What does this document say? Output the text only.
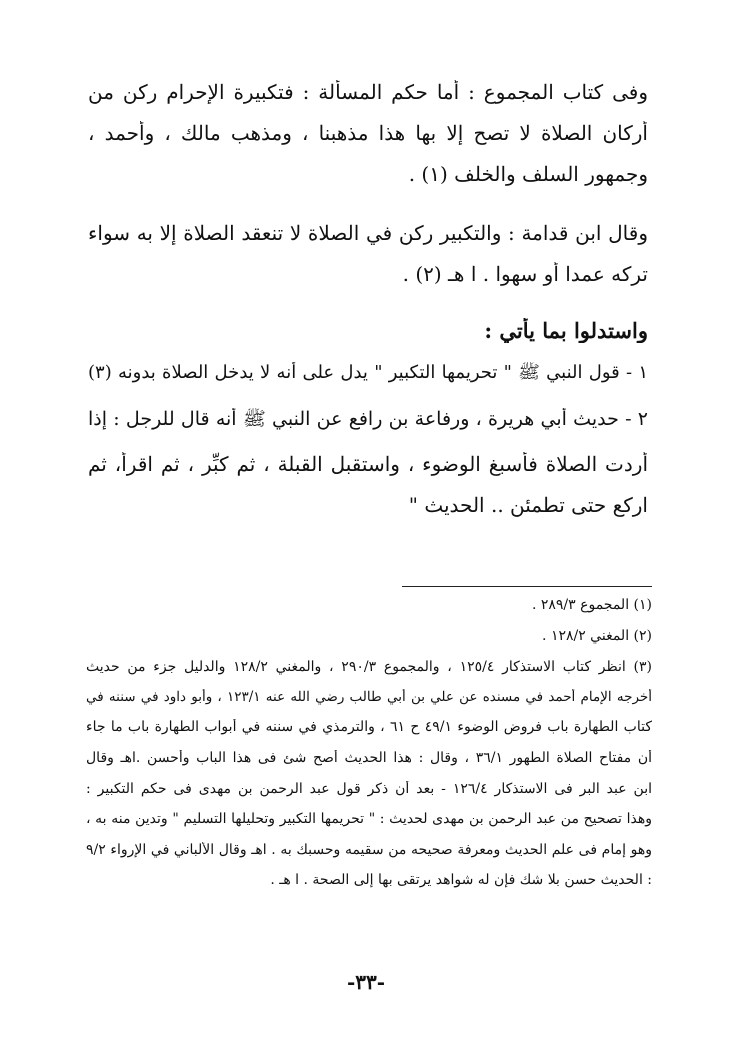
وفى كتاب المجموع : أما حكم المسألة : فتكبيرة الإحرام ركن من
أركان الصلاة لا تصح إلا بها هذا مذهبنا ، ومذهب مالك ، وأحمد ،
وجمهور السلف والخلف (١) .
وقال ابن قدامة : والتكبير ركن في الصلاة لا تنعقد الصلاة إلا به سواء
تركه عمدا أو سهوا . ا هـ (٢) .
واستدلوا بما يأتي :
١ - قول النبي ﷺ " تحريمها التكبير " يدل على أنه لا يدخل الصلاة بدونه (٣)
٢ - حديث أبي هريرة ، ورفاعة بن رافع عن النبي ﷺ أنه قال للرجل : إذا
أردت الصلاة فأسبغ الوضوء ، واستقبل القبلة ، ثم كبِّر ، ثم اقرأ، ثم
اركع حتى تطمئن .. الحديث "
(١) المجموع ٢٨٩/٣ .
(٢) المغني ١٢٨/٢ .
(٣) انظر كتاب الاستذكار ١٢٥/٤ ، والمجموع ٢٩٠/٣ ، والمغني ١٢٨/٢ والدليل جزء من حديث
أخرجه الإمام أحمد في مسنده عن علي بن أبي طالب رضي الله عنه ١٢٣/١ ، وأبو داود في سننه في
كتاب الطهارة باب فروض الوضوء ٤٩/١ ح ٦١ ، والترمذي في سننه في أبواب الطهارة باب ما جاء
أن مفتاح الصلاة الطهور ٣٦/١ ، وقال : هذا الحديث أصح شئ فى هذا الباب وأحسن .اهـ وقال
ابن عبد البر فى الاستذكار ١٢٦/٤ - بعد أن ذكر قول عبد الرحمن بن مهدى فى حكم التكبير :
وهذا تصحيح من عبد الرحمن بن مهدى لحديث : " تحريمها التكبير وتحليلها التسليم " وتدين منه به ،
وهو إمام فى علم الحديث ومعرفة صحيحه من سقيمه وحسبك به . اهـ وقال الألباني في الإرواء ٩/٢
: الحديث حسن بلا شك فإن له شواهد يرتقى بها إلى الصحة . ا هـ .
-٣٣-
